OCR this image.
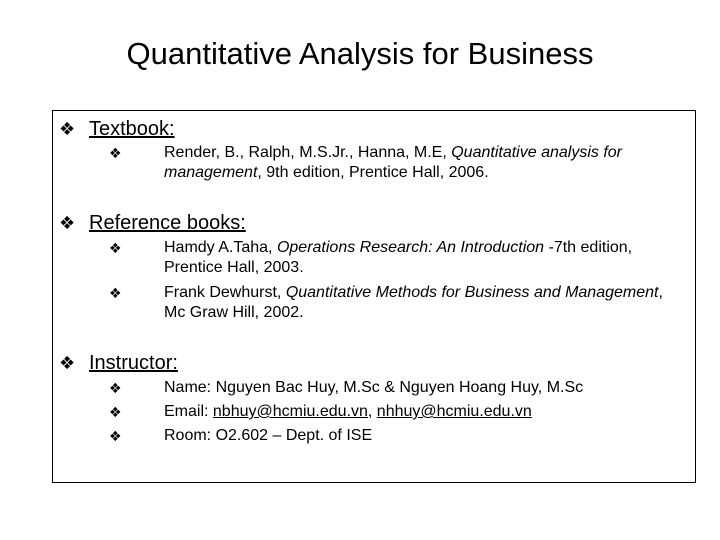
Quantitative Analysis for Business
❖ Textbook:
❖	Render, B., Ralph, M.S.Jr., Hanna, M.E, Quantitative analysis for management, 9th edition, Prentice Hall, 2006.
❖ Reference books:
❖	Hamdy A.Taha, Operations Research: An Introduction -7th edition, Prentice Hall, 2003.
❖	Frank Dewhurst, Quantitative Methods for Business and Management, Mc Graw Hill, 2002.
❖ Instructor:
❖	Name: Nguyen Bac Huy, M.Sc & Nguyen Hoang Huy, M.Sc
❖	Email: nbhuy@hcmiu.edu.vn, nhhuy@hcmiu.edu.vn
❖	Room: O2.602 – Dept. of ISE
